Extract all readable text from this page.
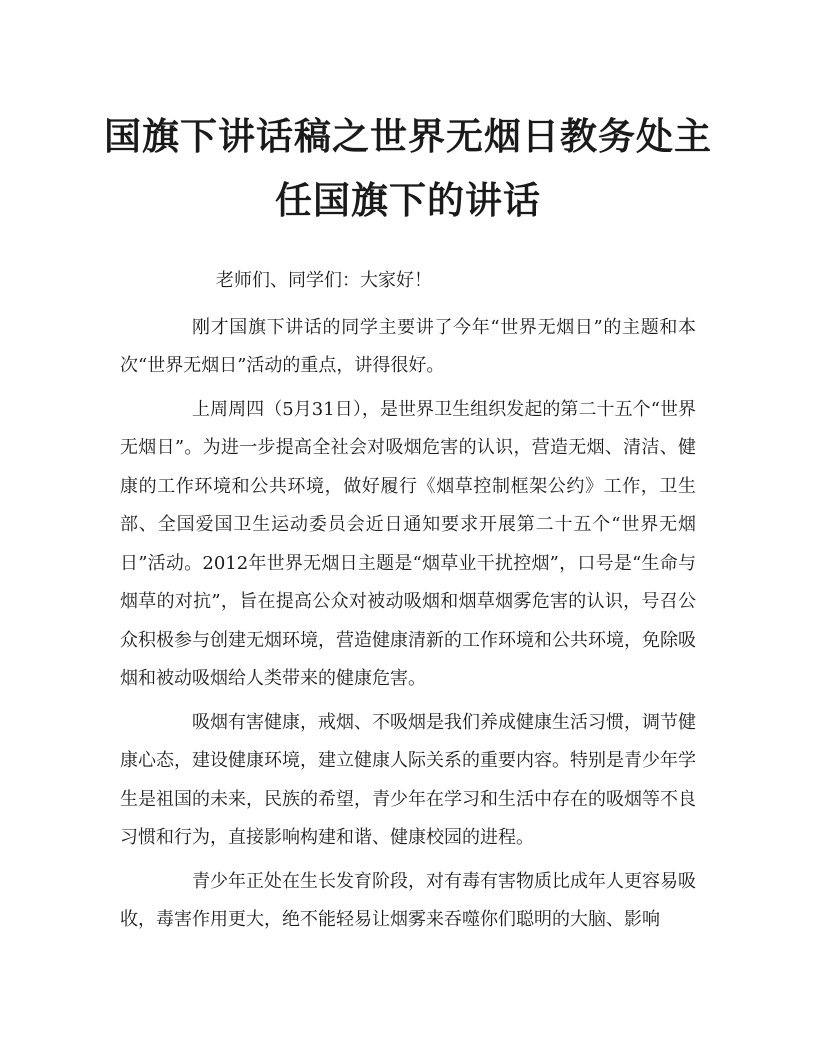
国旗下讲话稿之世界无烟日教务处主
任国旗下的讲话

老师们、同学们：大家好！

刚才国旗下讲话的同学主要讲了今年“世界无烟日”的主题和本次“世界无烟日”活动的重点，讲得很好。

上周周四（5月31日），是世界卫生组织发起的第二十五个“世界无烟日”。为进一步提高全社会对吸烟危害的认识，营造无烟、清洁、健康的工作环境和公共环境，做好履行《烟草控制框架公约》工作，卫生部、全国爱国卫生运动委员会近日通知要求开展第二十五个“世界无烟日”活动。2012年世界无烟日主题是“烟草业干扰控烟”，口号是“生命与烟草的对抗”，旨在提高公众对被动吸烟和烟草烟雾危害的认识，号召公众积极参与创建无烟环境，营造健康清新的工作环境和公共环境，免除吸烟和被动吸烟给人类带来的健康危害。

吸烟有害健康，戒烟、不吸烟是我们养成健康生活习惯，调节健康心态，建设健康环境，建立健康人际关系的重要内容。特别是青少年学生是祖国的未来，民族的希望，青少年在学习和生活中存在的吸烟等不良习惯和行为，直接影响构建和谐、健康校园的进程。

青少年正处在生长发育阶段，对有毒有害物质比成年人更容易吸收，毒害作用更大，绝不能轻易让烟雾来吞噬你们聪明的大脑、影响
